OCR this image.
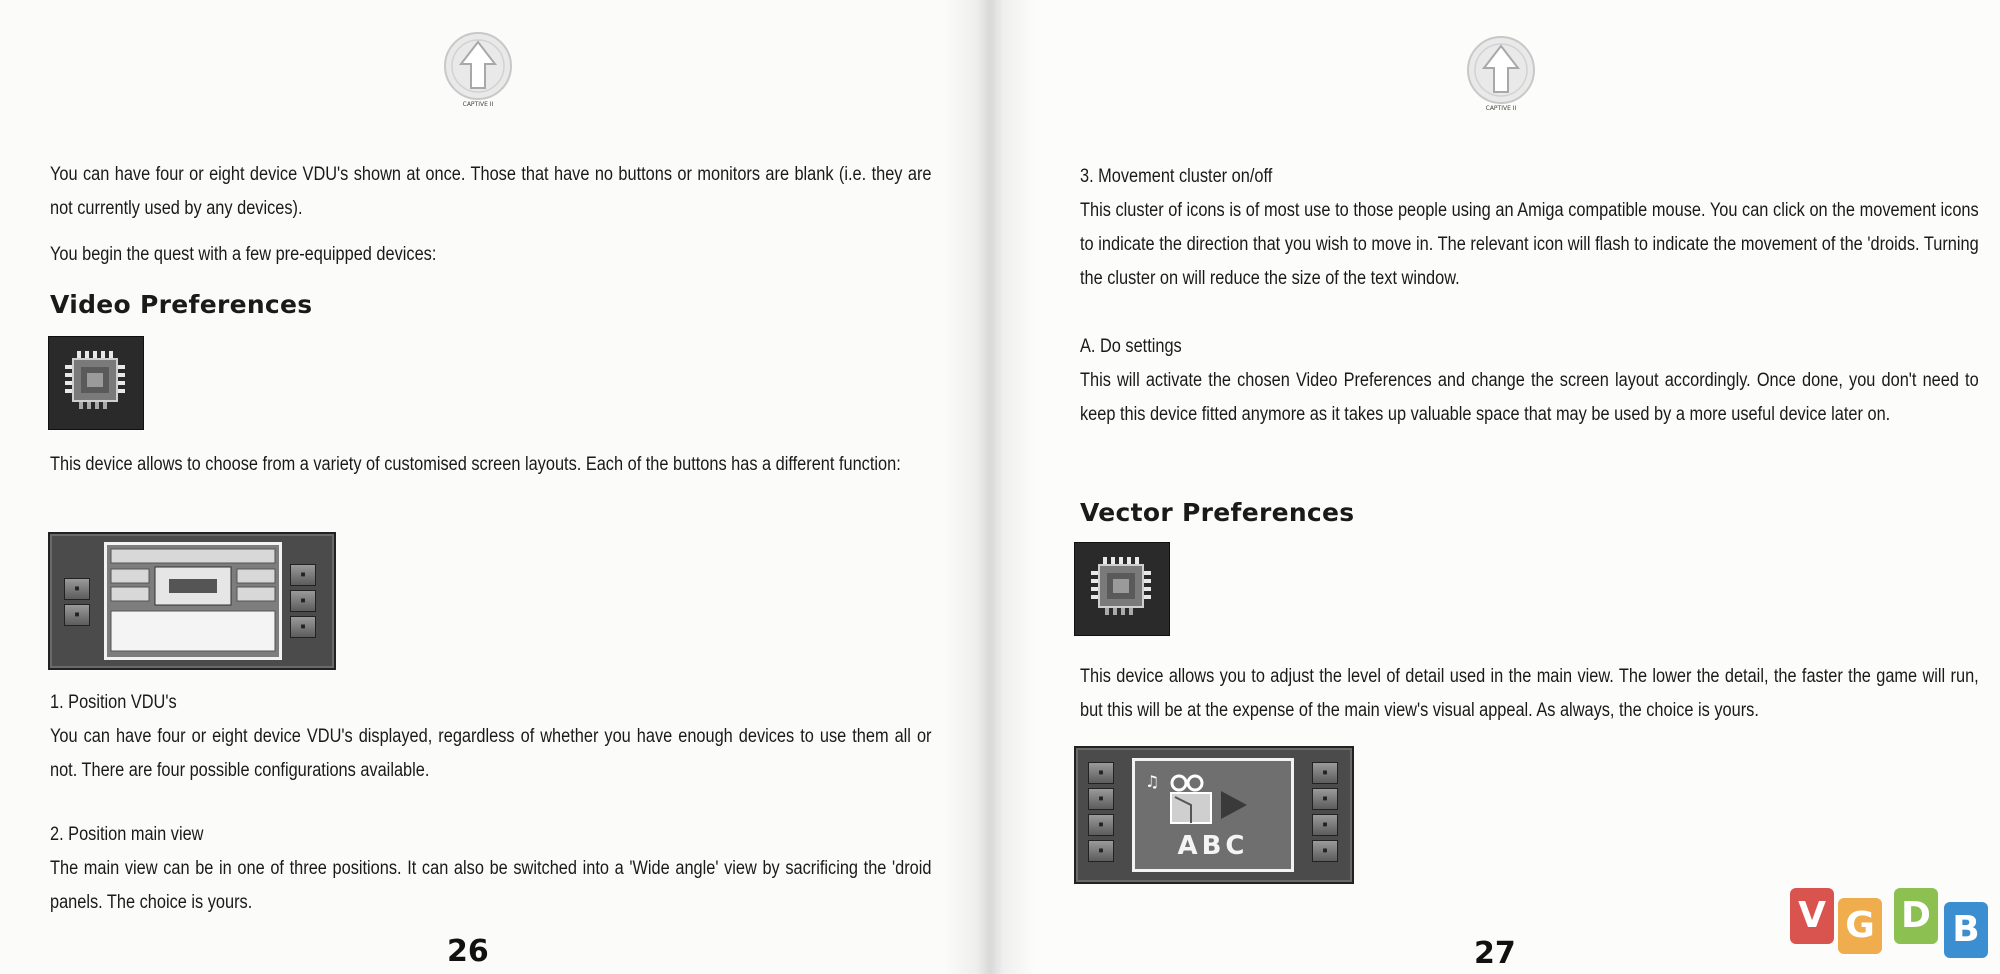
CAPTIVE II

You can have four or eight device VDU's shown at once. Those that have no buttons or monitors are blank (i.e. they are not currently used by any devices).

You begin the quest with a few pre-equipped devices:

Video Preferences
This device allows to choose from a variety of customised screen layouts. Each of the buttons has a different function:
▪
▪
▪
▪
▪

1. Position VDU's

You can have four or eight device VDU's displayed, regardless of whether you have enough devices to use them all or not. There are four possible configurations available.

2. Position main view

The main view can be in one of three positions. It can also be switched into a 'Wide angle' view by sacrificing the 'droid panels. The choice is yours.

26
CAPTIVE II

3. Movement cluster on/off

This cluster of icons is of most use to those people using an Amiga compatible mouse. You can click on the movement icons to indicate the direction that you wish to move in. The relevant icon will flash to indicate the movement of the 'droids. Turning the cluster on will reduce the size of the text window.

A. Do settings

This will activate the chosen Video Preferences and change the screen layout accordingly. Once done, you don't need to keep this device fitted anymore as it takes up valuable space that may be used by a more useful device later on.

Vector Preferences
This device allows you to adjust the level of detail used in the main view. The lower the detail, the faster the game will run, but this will be at the expense of the main view's visual appeal. As always, the choice is yours.
▪
▪
▪
▪
▪
▪
▪
▪
♫
ABC
27
V G D B
